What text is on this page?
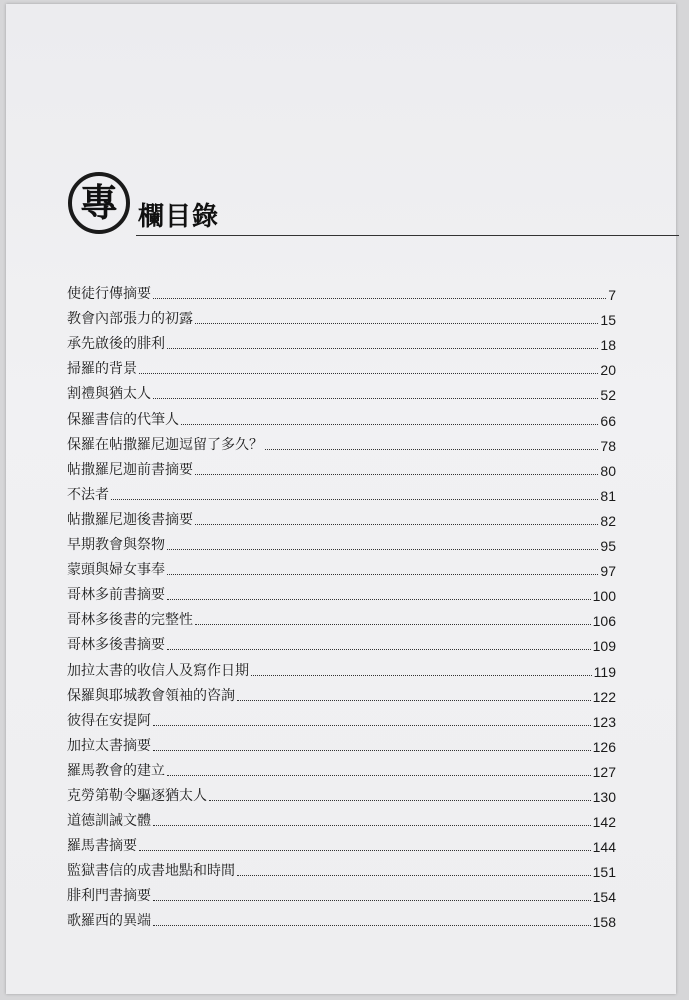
專 欄目錄
使徒行傳摘要	7
教會內部張力的初露	15
承先啟後的腓利	18
掃羅的背景	20
割禮與猶太人	52
保羅書信的代筆人	66
保羅在帖撒羅尼迦逗留了多久？	78
帖撒羅尼迦前書摘要	80
不法者	81
帖撒羅尼迦後書摘要	82
早期教會與祭物	95
蒙頭與婦女事奉	97
哥林多前書摘要	100
哥林多後書的完整性	106
哥林多後書摘要	109
加拉太書的收信人及寫作日期	119
保羅與耶城教會領袖的咨詢	122
彼得在安提阿	123
加拉太書摘要	126
羅馬教會的建立	127
克勞第勒令驅逐猶太人	130
道德訓誡文體	142
羅馬書摘要	144
監獄書信的成書地點和時間	151
腓利門書摘要	154
歌羅西的異端	158
